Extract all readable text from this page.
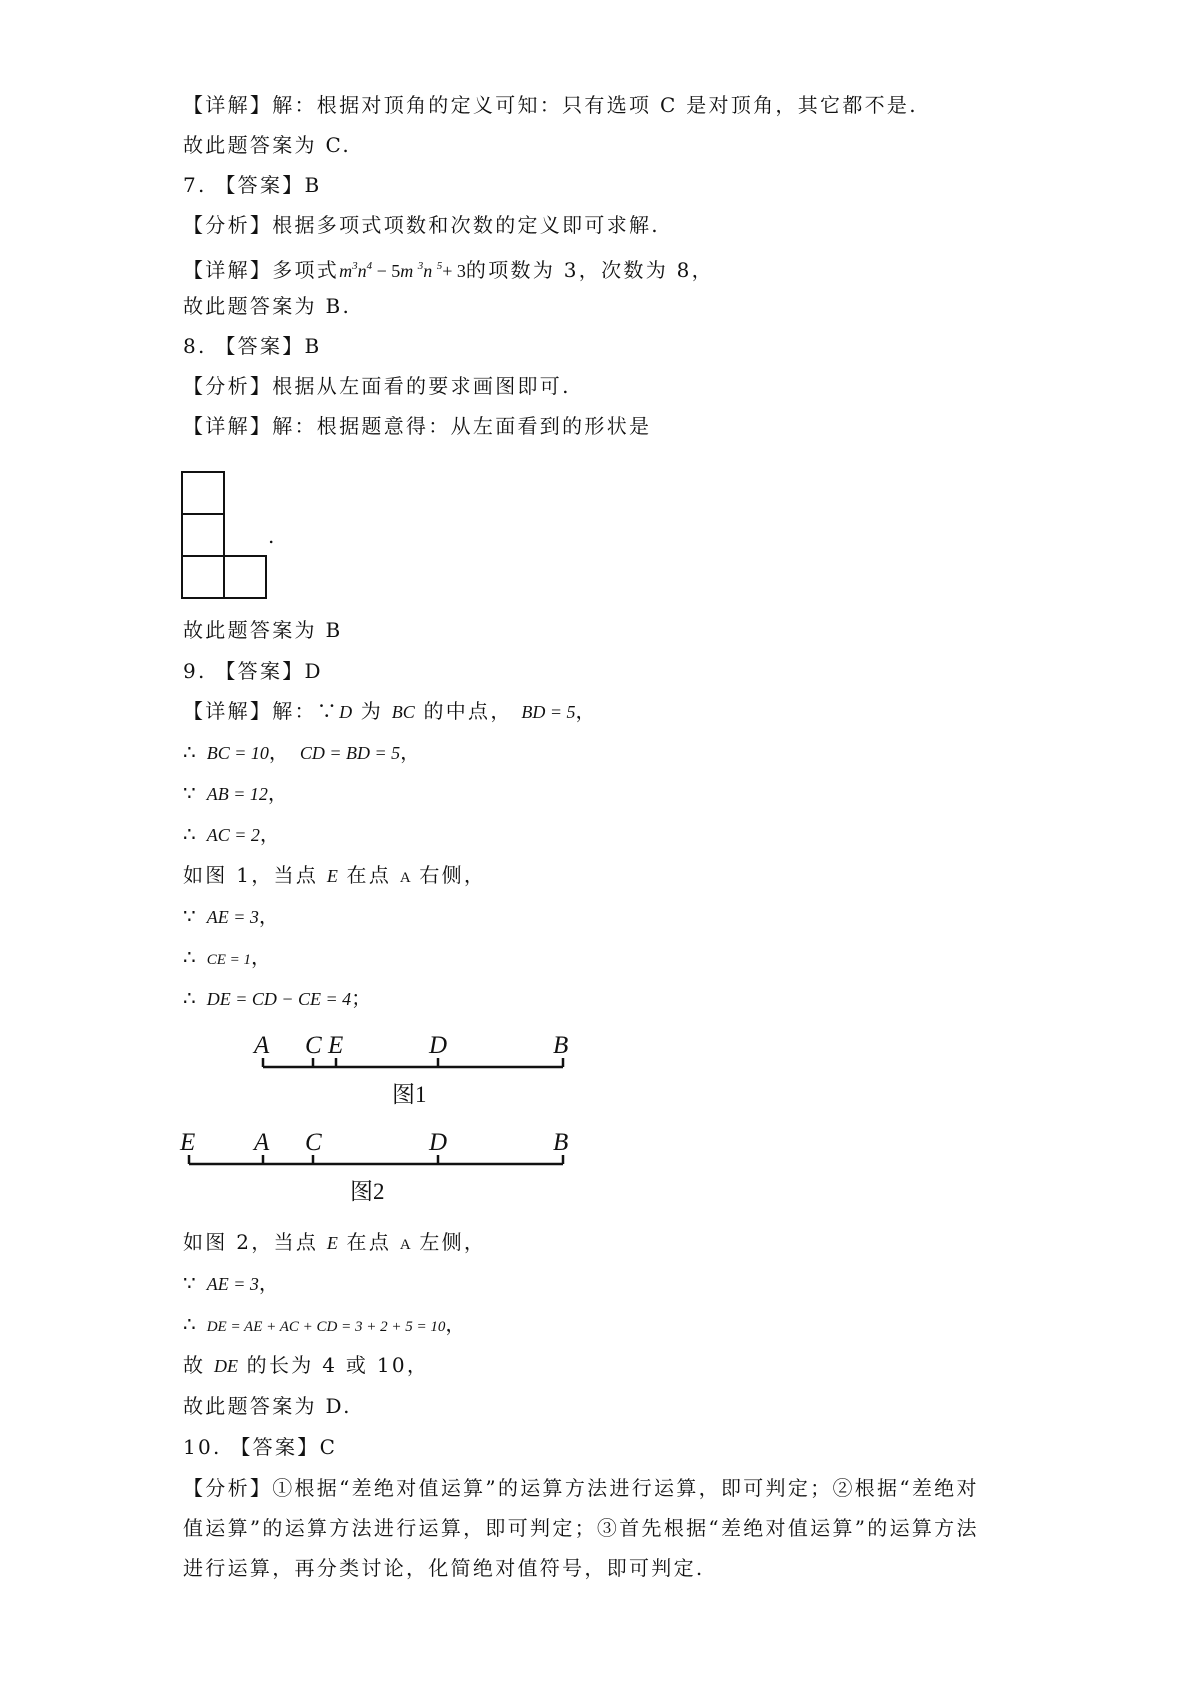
【详解】解：根据对顶角的定义可知：只有选项 C 是对顶角，其它都不是.
故此题答案为 C.
7. 【答案】B
【分析】根据多项式项数和次数的定义即可求解.
【详解】多项式$m^3n^4 - 5m$ $^3$n $^5$+ 3的项数为 3，次数为 8，
故此题答案为 B.
8. 【答案】B
【分析】根据从左面看的要求画图即可.
【详解】解：根据题意得：从左面看到的形状是
.
故此题答案为 B
9. 【答案】D
【详解】解：∵D 为 BC 的中点， BD = 5，
∴ BC = 10， CD = BD = 5，
∵ AB = 12，
∴ AC = 2，
如图 1，当点 E 在点 A 右侧，
∵ AE = 3，
∴ CE = 1，
∴ DE = CD − CE = 4；
A C E	D	B
图1
E A C	D	B
图2
如图 2，当点 E 在点 A 左侧，
∵ AE = 3，
∴ DE = AE + AC + CD = 3 + 2 + 5 = 10，
故 DE 的长为 4 或 10，
故此题答案为 D.
10. 【答案】C
【分析】①根据“差绝对值运算”的运算方法进行运算，即可判定；②根据“差绝对
值运算”的运算方法进行运算，即可判定；③首先根据“差绝对值运算”的运算方法
进行运算，再分类讨论，化简绝对值符号，即可判定.
